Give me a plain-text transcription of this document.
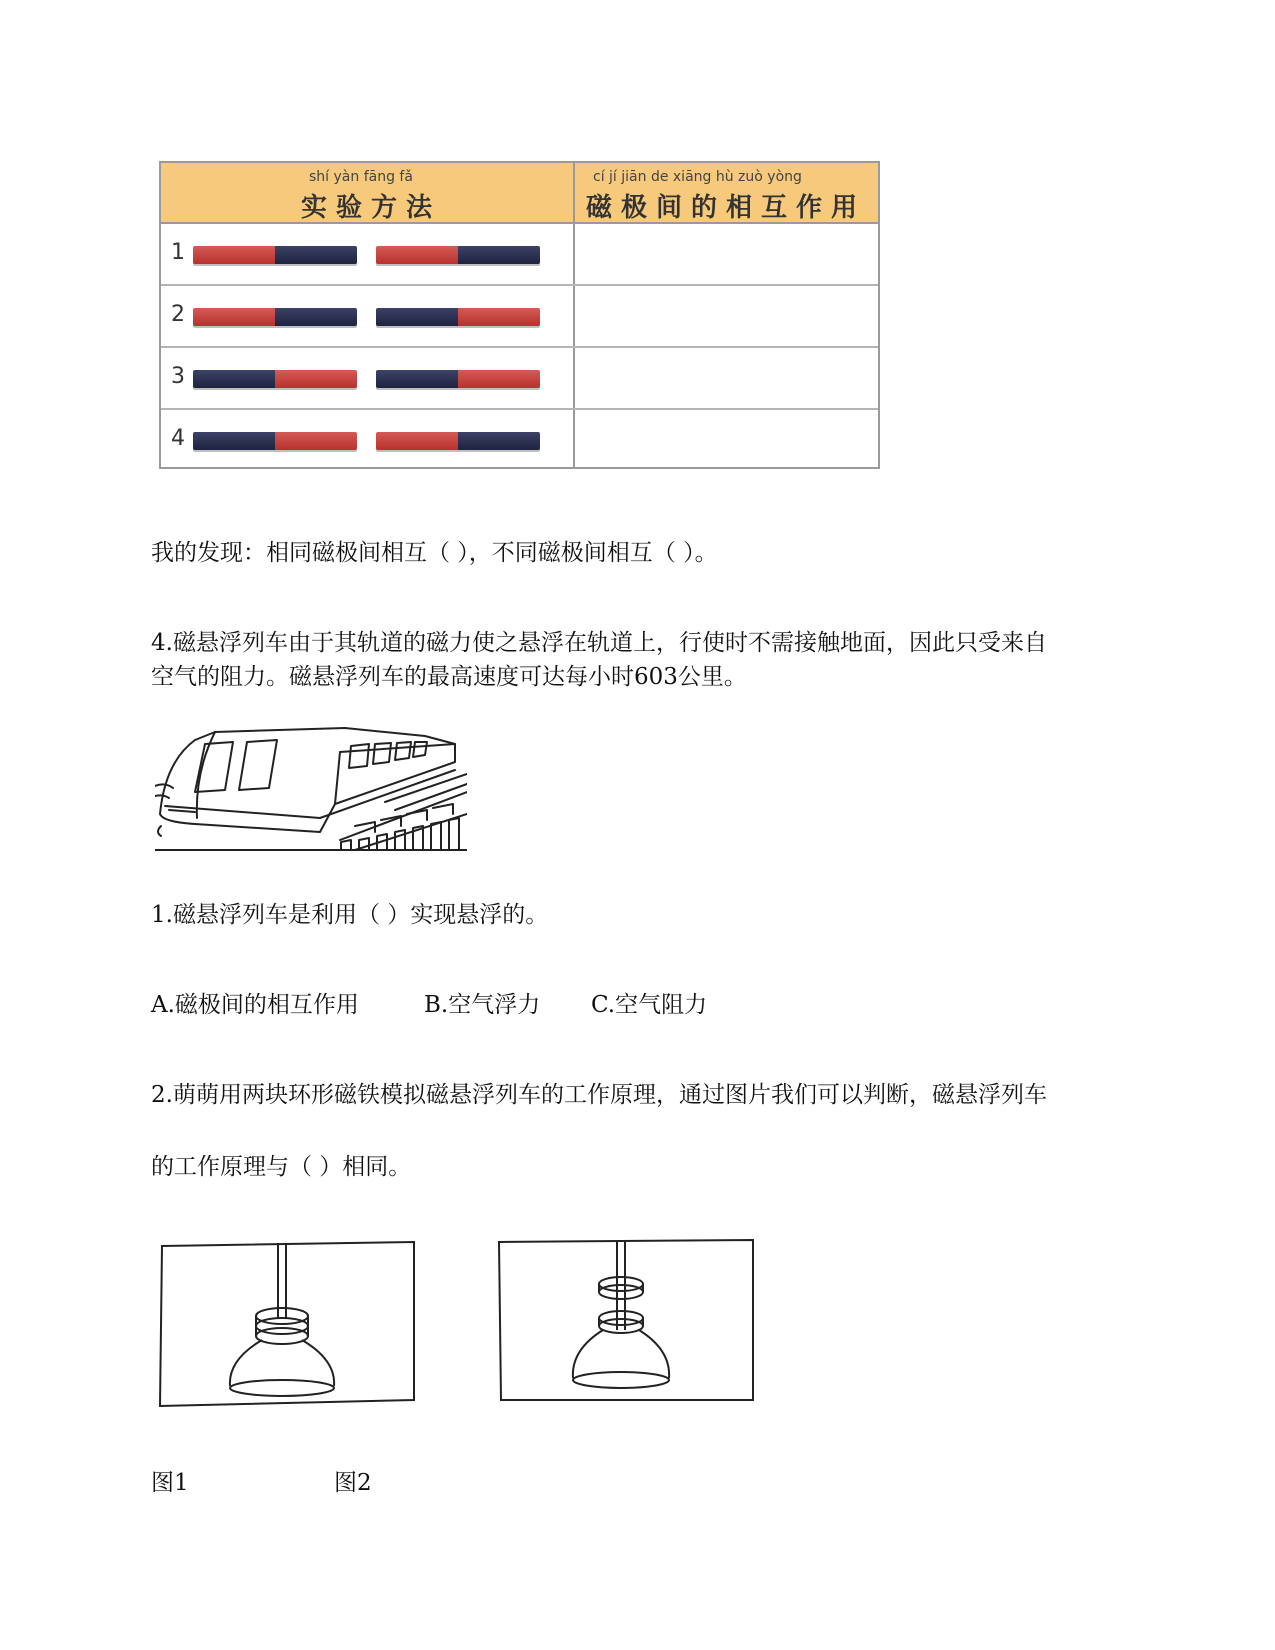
shí yàn fāng fǎ
实验方法
cí jí jiān de xiāng hù zuò yòng
磁极间的相互作用
1
2
3
4
我的发现：相同磁极间相互（ ），不同磁极间相互（ ）。
4.磁悬浮列车由于其轨道的磁力使之悬浮在轨道上，行使时不需接触地面，因此只受来自
空气的阻力。磁悬浮列车的最高速度可达每小时603公里。
1.磁悬浮列车是利用（ ）实现悬浮的。
A.磁极间的相互作用	B.空气浮力 C.空气阻力
2.萌萌用两块环形磁铁模拟磁悬浮列车的工作原理，通过图片我们可以判断，磁悬浮列车
的工作原理与（ ）相同。
图1	图2
